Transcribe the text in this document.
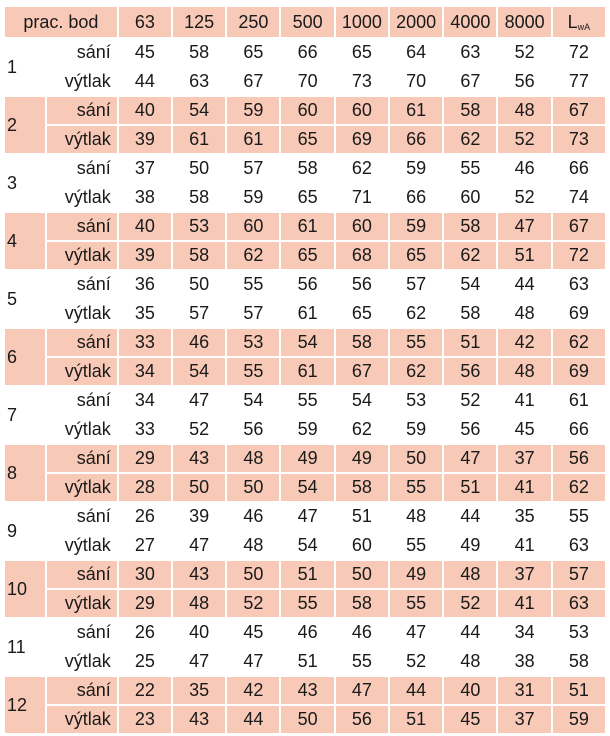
prac. bod		63	125	250	500	1000	2000	4000	8000	$L_{wA}$
1	sání	45	58	65	66	65	64	63	52	72
	výtlak	44	63	67	70	73	70	67	56	77
2	sání	40	54	59	60	60	61	58	48	67
	výtlak	39	61	61	65	69	66	62	52	73
3	sání	37	50	57	58	62	59	55	46	66
	výtlak	38	58	59	65	71	66	60	52	74
4	sání	40	53	60	61	60	59	58	47	67
	výtlak	39	58	62	65	68	65	62	51	72
5	sání	36	50	55	56	56	57	54	44	63
	výtlak	35	57	57	61	65	62	58	48	69
6	sání	33	46	53	54	58	55	51	42	62
	výtlak	34	54	55	61	67	62	56	48	69
7	sání	34	47	54	55	54	53	52	41	61
	výtlak	33	52	56	59	62	59	56	45	66
8	sání	29	43	48	49	49	50	47	37	56
	výtlak	28	50	50	54	58	55	51	41	62
9	sání	26	39	46	47	51	48	44	35	55
	výtlak	27	47	48	54	60	55	49	41	63
10	sání	30	43	50	51	50	49	48	37	57
	výtlak	29	48	52	55	58	55	52	41	63
11	sání	26	40	45	46	46	47	44	34	53
	výtlak	25	47	47	51	55	52	48	38	58
12	sání	22	35	42	43	47	44	40	31	51
	výtlak	23	43	44	50	56	51	45	37	59
